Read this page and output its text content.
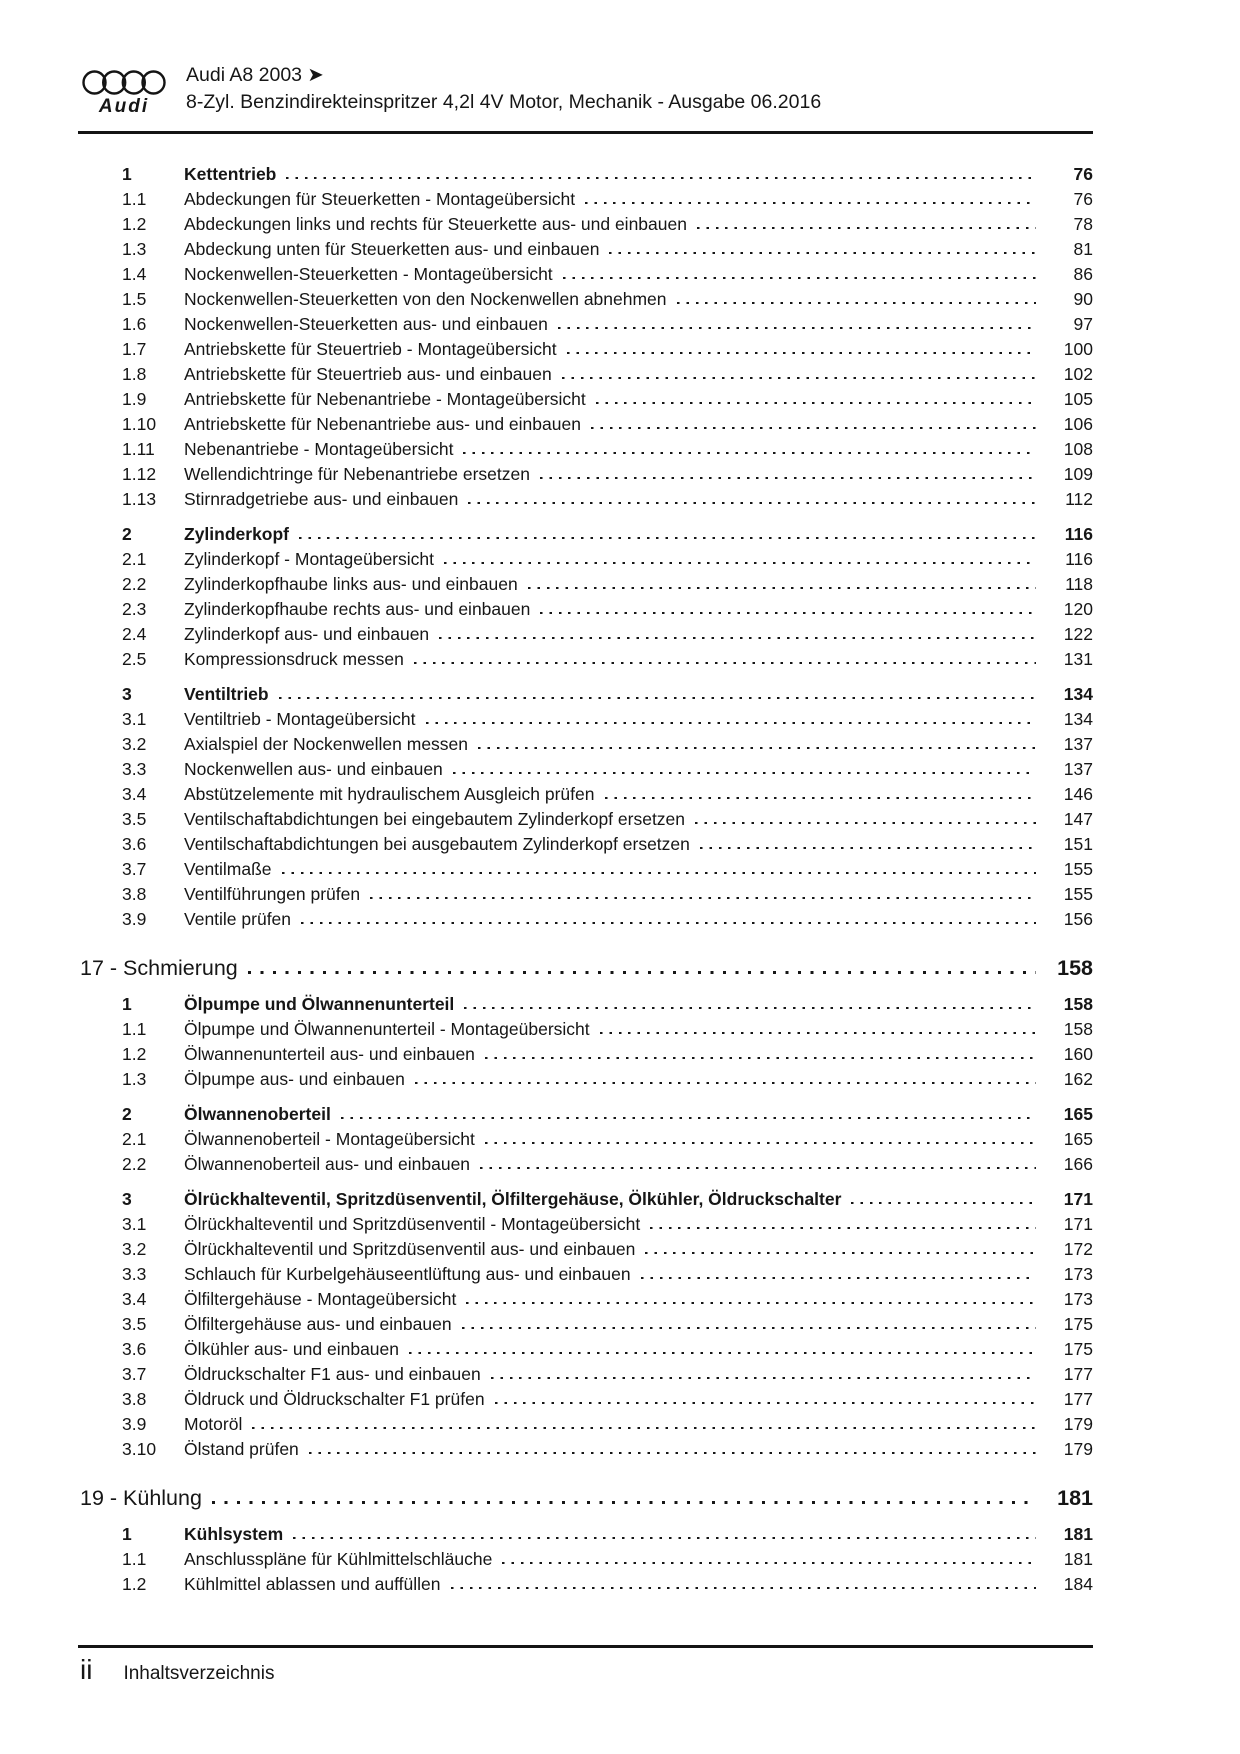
Audi
Audi A8 2003 ➤
8-Zyl. Benzindirekteinspritzer 4,2l 4V Motor, Mechanik - Ausgabe 06.2016
1	Kettentrieb	76
1.1	Abdeckungen für Steuerketten - Montageübersicht	76
1.2	Abdeckungen links und rechts für Steuerkette aus- und einbauen	78
1.3	Abdeckung unten für Steuerketten aus- und einbauen	81
1.4	Nockenwellen-Steuerketten - Montageübersicht	86
1.5	Nockenwellen-Steuerketten von den Nockenwellen abnehmen	90
1.6	Nockenwellen-Steuerketten aus- und einbauen	97
1.7	Antriebskette für Steuertrieb - Montageübersicht	100
1.8	Antriebskette für Steuertrieb aus- und einbauen	102
1.9	Antriebskette für Nebenantriebe - Montageübersicht	105
1.10	Antriebskette für Nebenantriebe aus- und einbauen	106
1.11	Nebenantriebe - Montageübersicht	108
1.12	Wellendichtringe für Nebenantriebe ersetzen	109
1.13	Stirnradgetriebe aus- und einbauen	112
2	Zylinderkopf	116
2.1	Zylinderkopf - Montageübersicht	116
2.2	Zylinderkopfhaube links aus- und einbauen	118
2.3	Zylinderkopfhaube rechts aus- und einbauen	120
2.4	Zylinderkopf aus- und einbauen	122
2.5	Kompressionsdruck messen	131
3	Ventiltrieb	134
3.1	Ventiltrieb - Montageübersicht	134
3.2	Axialspiel der Nockenwellen messen	137
3.3	Nockenwellen aus- und einbauen	137
3.4	Abstützelemente mit hydraulischem Ausgleich prüfen	146
3.5	Ventilschaftabdichtungen bei eingebautem Zylinderkopf ersetzen	147
3.6	Ventilschaftabdichtungen bei ausgebautem Zylinderkopf ersetzen	151
3.7	Ventilmaße	155
3.8	Ventilführungen prüfen	155
3.9	Ventile prüfen	156
17 - Schmierung	158
1	Ölpumpe und Ölwannenunterteil	158
1.1	Ölpumpe und Ölwannenunterteil - Montageübersicht	158
1.2	Ölwannenunterteil aus- und einbauen	160
1.3	Ölpumpe aus- und einbauen	162
2	Ölwannenoberteil	165
2.1	Ölwannenoberteil - Montageübersicht	165
2.2	Ölwannenoberteil aus- und einbauen	166
3	Ölrückhalteventil, Spritzdüsenventil, Ölfiltergehäuse, Ölkühler, Öldruckschalter	171
3.1	Ölrückhalteventil und Spritzdüsenventil - Montageübersicht	171
3.2	Ölrückhalteventil und Spritzdüsenventil aus- und einbauen	172
3.3	Schlauch für Kurbelgehäuseentlüftung aus- und einbauen	173
3.4	Ölfiltergehäuse - Montageübersicht	173
3.5	Ölfiltergehäuse aus- und einbauen	175
3.6	Ölkühler aus- und einbauen	175
3.7	Öldruckschalter F1 aus- und einbauen	177
3.8	Öldruck und Öldruckschalter F1 prüfen	177
3.9	Motoröl	179
3.10	Ölstand prüfen	179
19 - Kühlung	181
1	Kühlsystem	181
1.1	Anschlusspläne für Kühlmittelschläuche	181
1.2	Kühlmittel ablassen und auffüllen	184
ii Inhaltsverzeichnis
